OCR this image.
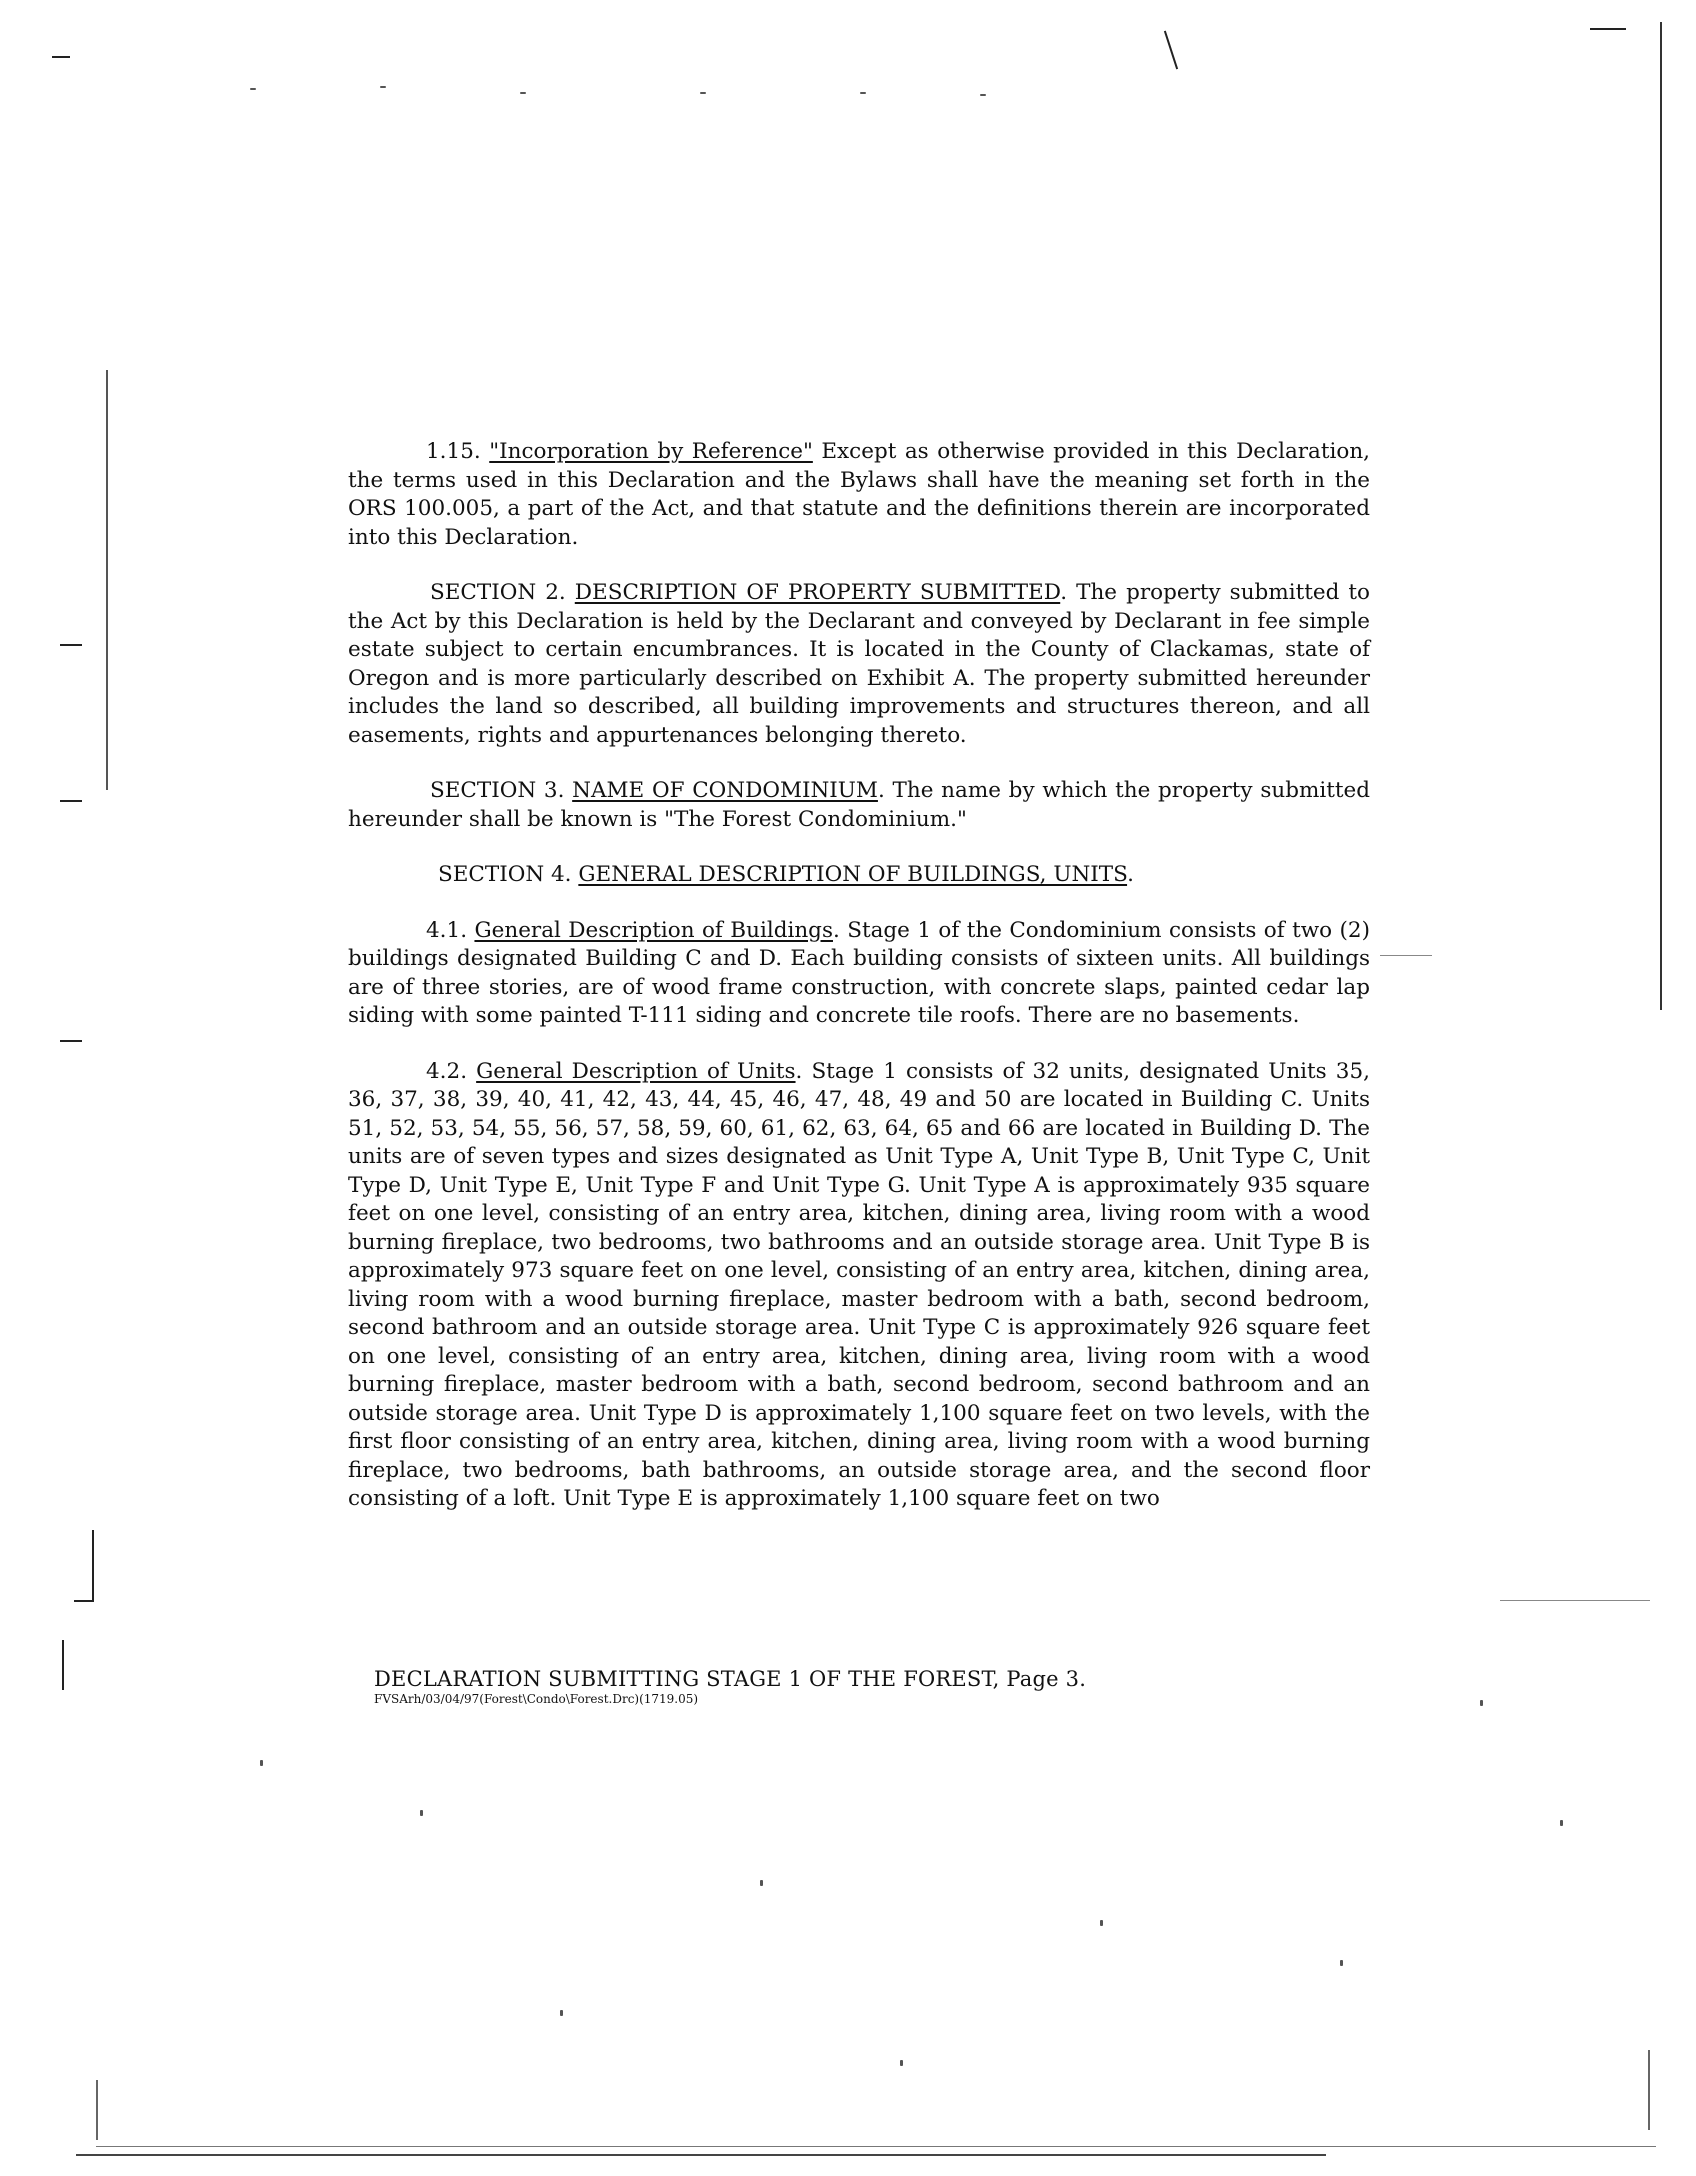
1.15. "Incorporation by Reference" Except as otherwise provided in this Declaration, the terms used in this Declaration and the Bylaws shall have the meaning set forth in the ORS 100.005, a part of the Act, and that statute and the definitions therein are incorporated into this Declaration.

SECTION 2. DESCRIPTION OF PROPERTY SUBMITTED. The property submitted to the Act by this Declaration is held by the Declarant and conveyed by Declarant in fee simple estate subject to certain encumbrances. It is located in the County of Clackamas, state of Oregon and is more particularly described on Exhibit A. The property submitted hereunder includes the land so described, all building improvements and structures thereon, and all easements, rights and appurtenances belonging thereto.

SECTION 3. NAME OF CONDOMINIUM. The name by which the property submitted hereunder shall be known is "The Forest Condominium."

SECTION 4. GENERAL DESCRIPTION OF BUILDINGS, UNITS.

4.1. General Description of Buildings. Stage 1 of the Condominium consists of two (2) buildings designated Building C and D. Each building consists of sixteen units. All buildings are of three stories, are of wood frame construction, with concrete slaps, painted cedar lap siding with some painted T-111 siding and concrete tile roofs. There are no basements.

4.2. General Description of Units. Stage 1 consists of 32 units, designated Units 35, 36, 37, 38, 39, 40, 41, 42, 43, 44, 45, 46, 47, 48, 49 and 50 are located in Building C. Units 51, 52, 53, 54, 55, 56, 57, 58, 59, 60, 61, 62, 63, 64, 65 and 66 are located in Building D. The units are of seven types and sizes designated as Unit Type A, Unit Type B, Unit Type C, Unit Type D, Unit Type E, Unit Type F and Unit Type G. Unit Type A is approximately 935 square feet on one level, consisting of an entry area, kitchen, dining area, living room with a wood burning fireplace, two bedrooms, two bathrooms and an outside storage area. Unit Type B is approximately 973 square feet on one level, consisting of an entry area, kitchen, dining area, living room with a wood burning fireplace, master bedroom with a bath, second bedroom, second bathroom and an outside storage area. Unit Type C is approximately 926 square feet on one level, consisting of an entry area, kitchen, dining area, living room with a wood burning fireplace, master bedroom with a bath, second bedroom, second bathroom and an outside storage area. Unit Type D is approximately 1,100 square feet on two levels, with the first floor consisting of an entry area, kitchen, dining area, living room with a wood burning fireplace, two bedrooms, bath bathrooms, an outside storage area, and the second floor consisting of a loft. Unit Type E is approximately 1,100 square feet on two

DECLARATION SUBMITTING STAGE 1 OF THE FOREST, Page 3.
FVSArh/03/04/97(Forest\Condo\Forest.Drc)(1719.05)
